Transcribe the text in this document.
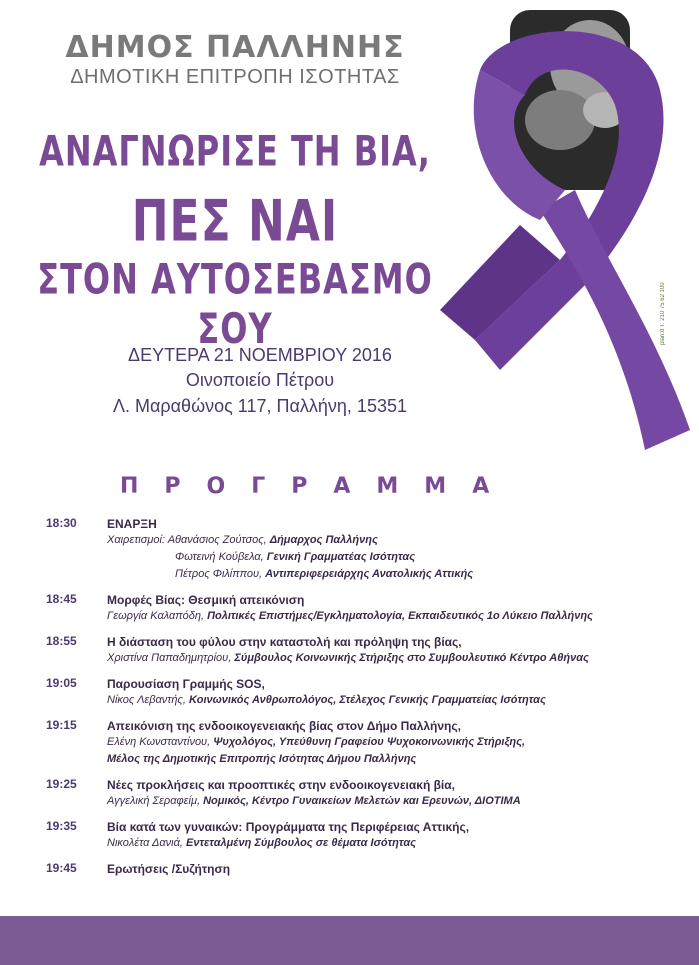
ΔΗΜΟΣ ΠΑΛΛΗΝΗΣ
ΔΗΜΟΤΙΚΗ ΕΠΙΤΡΟΠΗ ΙΣΟΤΗΤΑΣ
ΑΝΑΓΝΩΡΙΣΕ ΤΗ ΒΙΑ,
ΠΕΣ ΝΑΙ
ΣΤΟΝ ΑΥΤΟΣΕΒΑΣΜΟ ΣΟΥ
ΔΕΥΤΕΡΑ 21 ΝΟΕΜΒΡΙΟΥ 2016
Οινοποιείο Πέτρου
Λ. Μαραθώνος 117, Παλλήνη, 15351
plan:d T: 210 75 62 100
ΠΡΟΓΡΑΜΜΑ
18:30	ΕΝΑΡΞΗ
Χαιρετισμοί: Αθανάσιος Ζούτσος, Δήμαρχος Παλλήνης
Φωτεινή Κούβελα, Γενική Γραμματέας Ισότητας
Πέτρος Φιλίππου, Αντιπεριφερειάρχης Ανατολικής Αττικής
18:45	Μορφές Βίας: Θεσμική απεικόνιση
Γεωργία Καλαπόδη, Πολιτικές Επιστήμες/Εγκληματολογία, Εκπαιδευτικός 1ο Λύκειο Παλλήνης
18:55	Η διάσταση του φύλου στην καταστολή και πρόληψη της βίας,
Χριστίνα Παπαδημητρίου, Σύμβουλος Κοινωνικής Στήριξης στο Συμβουλευτικό Κέντρο Αθήνας
19:05	Παρουσίαση Γραμμής SOS,
Νίκος Λεβαντής, Κοινωνικός Ανθρωπολόγος, Στέλεχος Γενικής Γραμματείας Ισότητας
19:15	Απεικόνιση της ενδοοικογενειακής βίας στον Δήμο Παλλήνης,
Ελένη Κωνσταντίνου, Ψυχολόγος, Υπεύθυνη Γραφείου Ψυχοκοινωνικής Στήριξης,
Μέλος της Δημοτικής Επιτροπής Ισότητας Δήμου Παλλήνης
19:25	Νέες προκλήσεις και προοπτικές στην ενδοοικογενειακή βία,
Αγγελική Σεραφείμ, Νομικός, Κέντρο Γυναικείων Μελετών και Ερευνών, ΔΙΟΤΙΜΑ
19:35	Βία κατά των γυναικών: Προγράμματα της Περιφέρειας Αττικής,
Νικολέτα Δανιά, Εντεταλμένη Σύμβουλος σε θέματα Ισότητας
19:45	Ερωτήσεις /Συζήτηση
